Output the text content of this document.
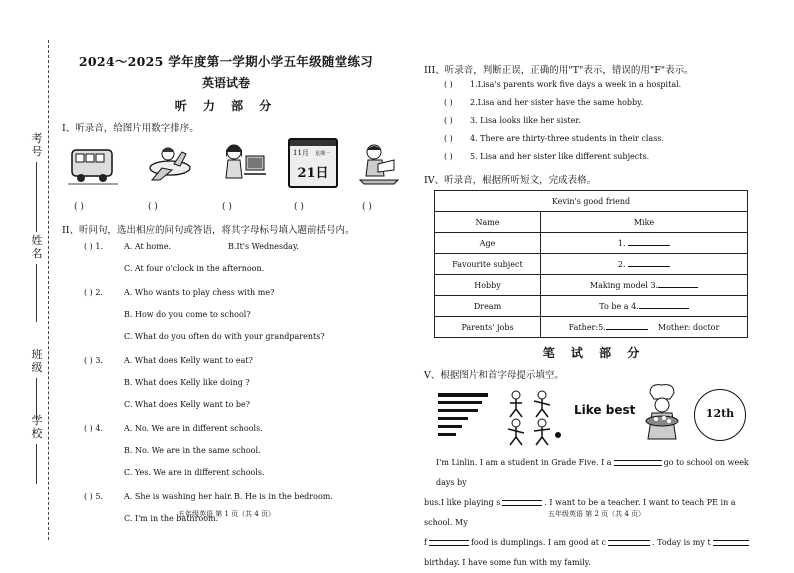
考号
姓名
班级
学校
2024～2025 学年度第一学期小学五年级随堂练习
英语试卷
听 力 部 分
I、听录音，给图片用数字排序。
11月 星期一
21日
( )	( )	( )	( )	( )
II、听问句，选出相应的问句或答语，将其字母标号填入题前括号内。
( ) 1.	A. At home.	B.It's Wednesday.
C. At four o'clock in the afternoon.
( ) 2.	A. Who wants to play chess with me?
B. How do you come to school?
C. What do you often do with your grandparents?
( ) 3.	A. What does Kelly want to eat?
B. What does Kelly like doing ?
C. What does Kelly want to be?
( ) 4.	A. No. We are in different schools.
B. No. We are in the same school.
C. Yes. We are in different schools.
( ) 5.	A. She is washing her hair. B. He is in the bedroom.
C. I'm in the bathroom.
五年级英语 第 1 页（共 4 页）
III、听录音，判断正误，正确的用"T"表示，错误的用"F"表示。
( ) 1.Lisa's parents work five days a week in a hospital.
( ) 2.Lisa and her sister have the same hobby.
( ) 3. Lisa looks like her sister.
( ) 4. There are thirty-three students in their class.
( ) 5. Lisa and her sister like different subjects.
IV、听录音，根据所听短文，完成表格。
Kevin's good friend	
Name	Mike
Age	1.
Favourite subject	2.
Hobby	Making model 3.
Dream	To be a 4.
Parents' jobs	Father:5. Mother: doctor
笔 试 部 分
V、根据图片和首字母提示填空。
Like best	12th
I'm Linlin. I am a student in Grade Five. I a	go to school on week days by
bus.I like playing s	. I want to be a teacher. I want to teach PE in a school. My
f	food is dumplings. I am good at c	. Today is my t
birthday. I have some fun with my family.
五年级英语 第 2 页（共 4 页）
